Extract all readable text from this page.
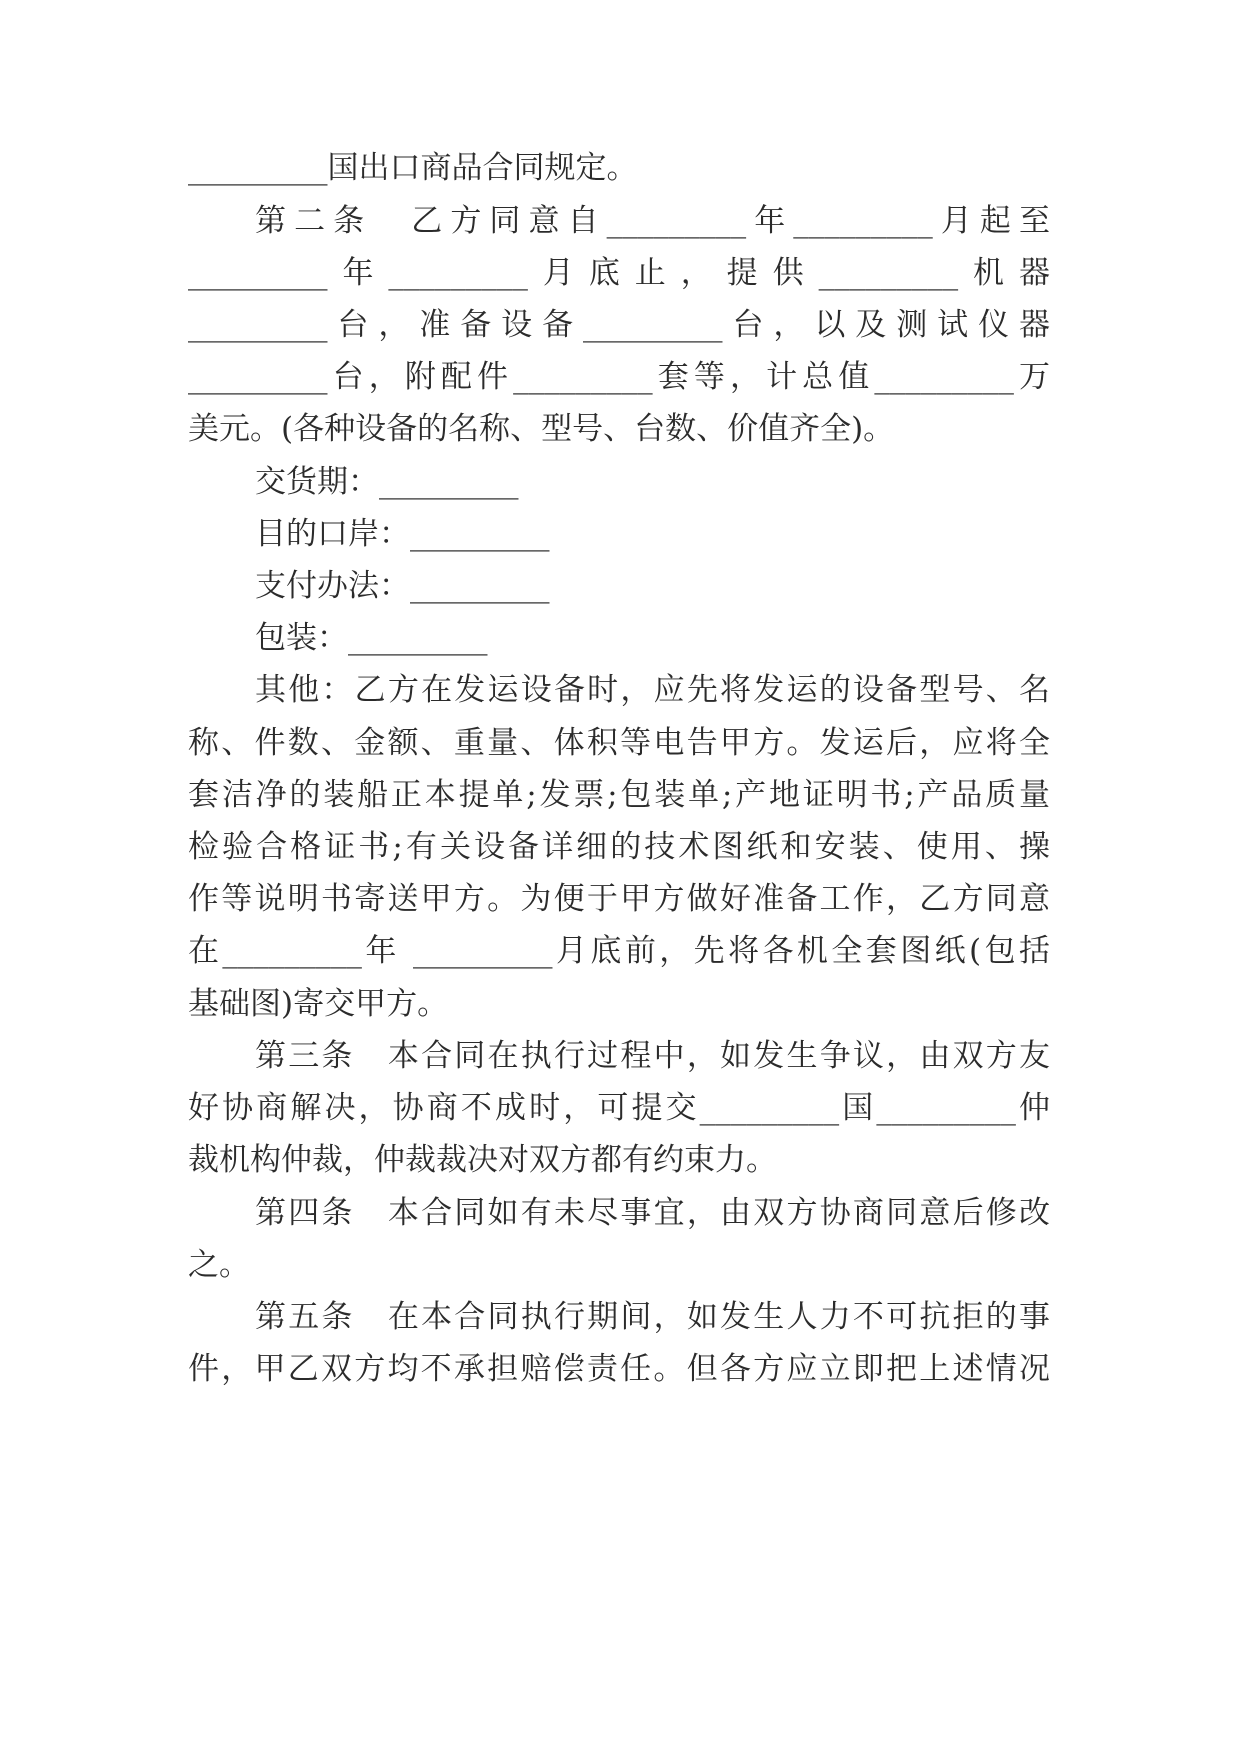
_________国出口商品合同规定。
第二条　乙方同意自_________年_________月起至
_________年_________月底止，提供_________机器
_________台，准备设备_________台，以及测试仪器
_________台，附配件_________套等，计总值_________万
美元。(各种设备的名称、型号、台数、价值齐全)。
交货期：_________
目的口岸：_________
支付办法：_________
包装：_________
其他：乙方在发运设备时，应先将发运的设备型号、名
称、件数、金额、重量、体积等电告甲方。发运后，应将全
套洁净的装船正本提单;发票;包装单;产地证明书;产品质量
检验合格证书;有关设备详细的技术图纸和安装、使用、操
作等说明书寄送甲方。为便于甲方做好准备工作，乙方同意
在_________年 _________月底前，先将各机全套图纸(包括
基础图)寄交甲方。
第三条　本合同在执行过程中，如发生争议，由双方友
好协商解决，协商不成时，可提交_________国_________仲
裁机构仲裁，仲裁裁决对双方都有约束力。
第四条　本合同如有未尽事宜，由双方协商同意后修改
之。
第五条　在本合同执行期间，如发生人力不可抗拒的事
件，甲乙双方均不承担赔偿责任。但各方应立即把上述情况
